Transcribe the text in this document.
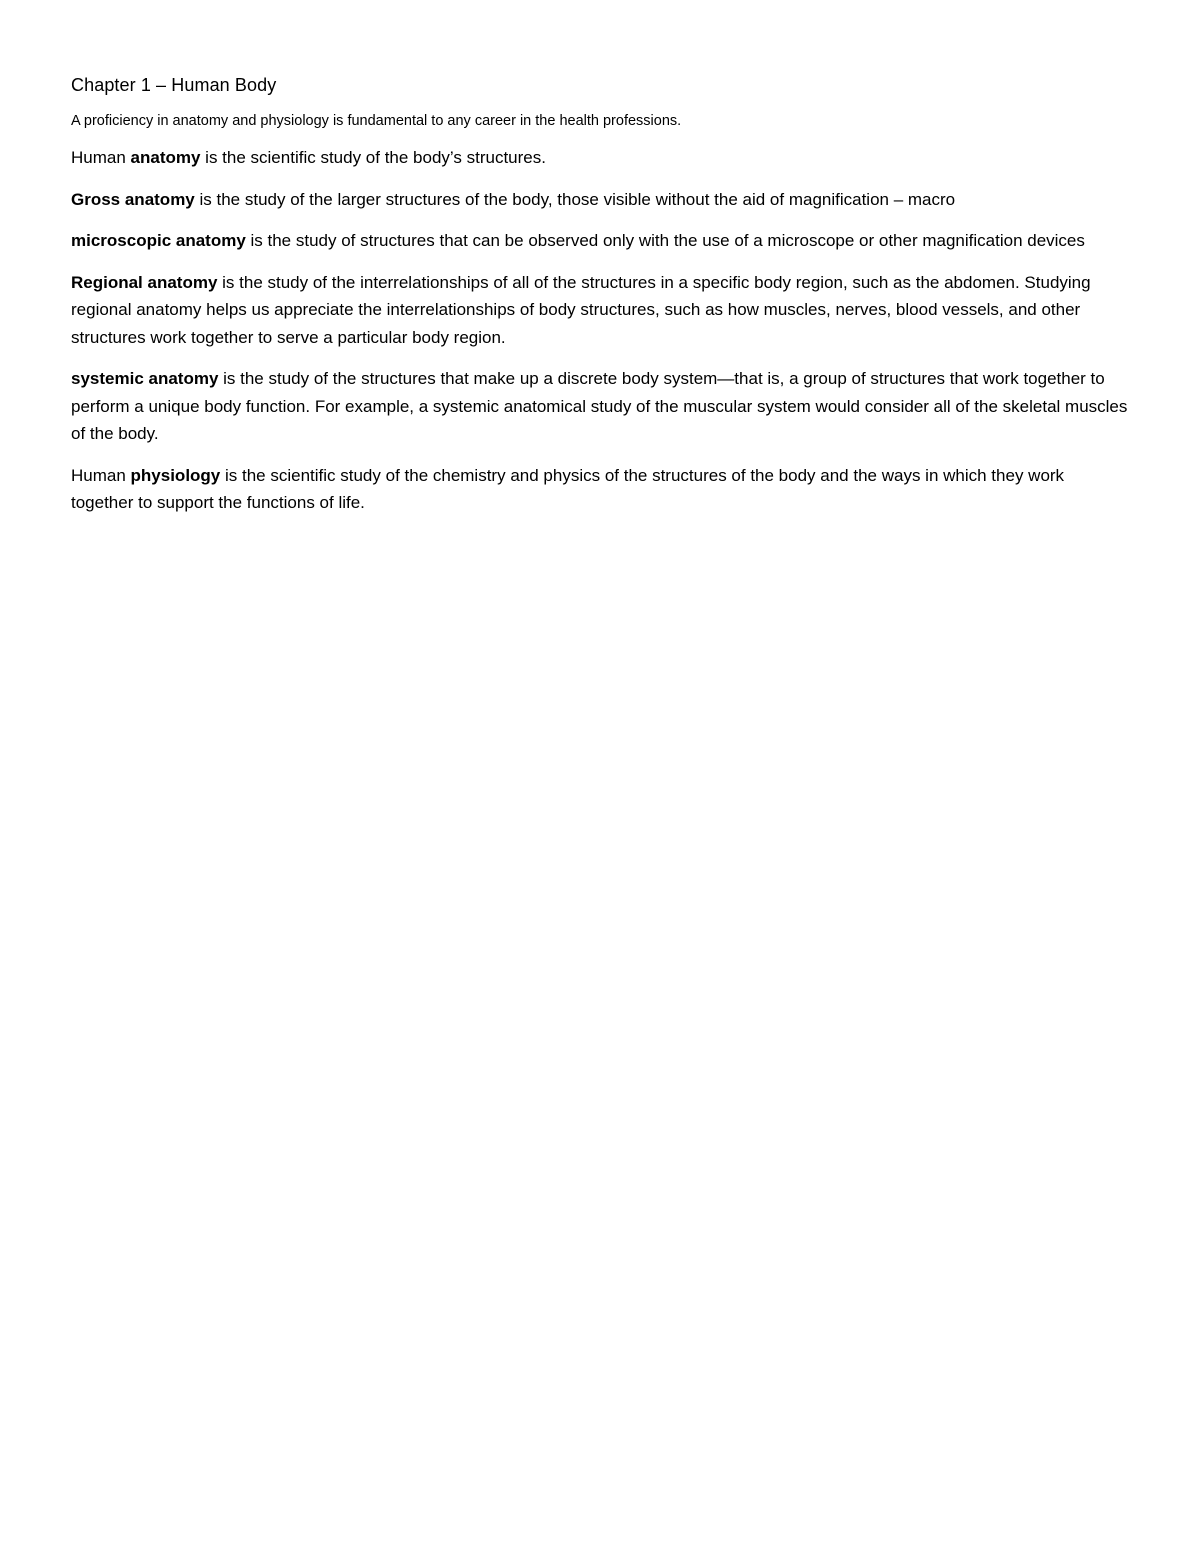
Chapter 1 – Human Body
A proficiency in anatomy and physiology is fundamental to any career in the health professions.

Human anatomy is the scientific study of the body’s structures.

Gross anatomy is the study of the larger structures of the body, those visible without the aid of magnification – macro

microscopic anatomy is the study of structures that can be observed only with the use of a microscope or other magnification devices

Regional anatomy is the study of the interrelationships of all of the structures in a specific body region, such as the abdomen. Studying regional anatomy helps us appreciate the interrelationships of body structures, such as how muscles, nerves, blood vessels, and other structures work together to serve a particular body region.

systemic anatomy is the study of the structures that make up a discrete body system—that is, a group of structures that work together to perform a unique body function. For example, a systemic anatomical study of the muscular system would consider all of the skeletal muscles of the body.

Human physiology is the scientific study of the chemistry and physics of the structures of the body and the ways in which they work together to support the functions of life.
